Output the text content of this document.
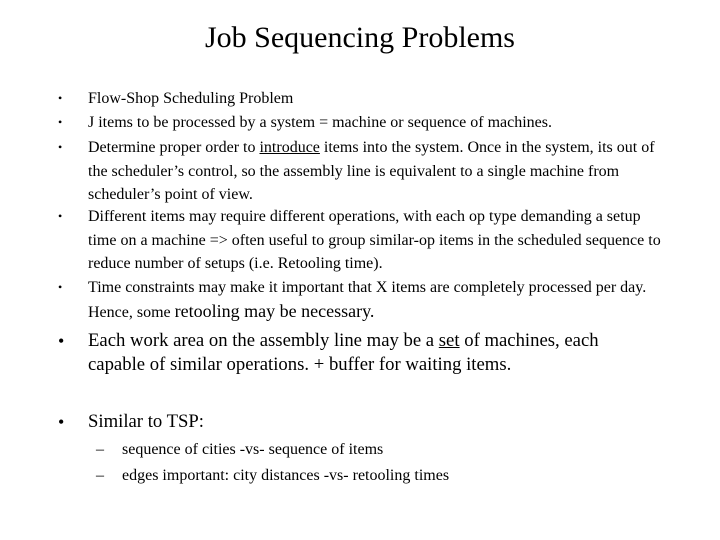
Job Sequencing Problems
• Flow-Shop Scheduling Problem
• J items to be processed by a system = machine or sequence of machines.
• Determine proper order to introduce items into the system. Once in the system, its out of the scheduler’s control, so the assembly line is equivalent to a single machine from scheduler’s point of view.
• Different items may require different operations, with each op type demanding a setup time on a machine => often useful to group similar-op items in the scheduled sequence to reduce number of setups (i.e. Retooling time).
• Time constraints may make it important that X items are completely processed per day. Hence, some retooling may be necessary.
• Each work area on the assembly line may be a set of machines, each capable of similar operations. + buffer for waiting items.
• Similar to TSP:
– sequence of cities -vs- sequence of items
– edges important: city distances -vs- retooling times
